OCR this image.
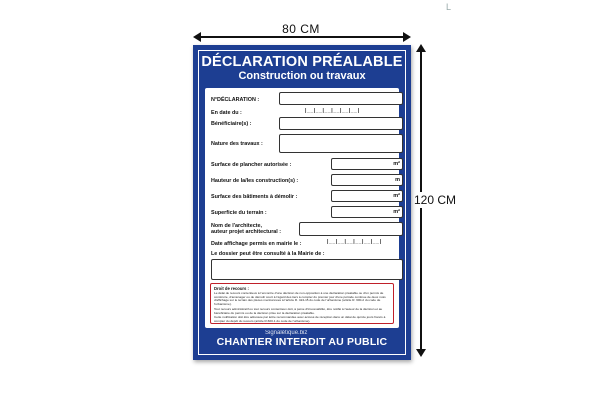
L
80 CM
120 CM
DÉCLARATION PRÉALABLE
Construction ou travaux
N°DÉCLARATION :
En date du :	|__|__|__|__|__|__|
Bénéficiaire(s) :
Nature des travaux :
Surface de plancher autorisée :	m²
Hauteur de la/les construction(s) :	m
Surface des bâtiments à démolir :	m²
Superficie du terrain :	m²
Nom de l'architecte,
auteur projet architectural :
Date affichage permis en mairie le :	|__|__|__|__|__|__|
Le dossier peut être consulté à la Mairie de :
Droit de recours :
Le délai de recours contentieux à l'encontre d'une décision de non-opposition à une déclaration préalable ou d'un permis de construire, d'aménager ou de démolir court à l'égard des tiers à compter du premier jour d'une période continue de deux mois d'affichage sur le terrain des pièces mentionnées à l'article R. 424-15 du code de l'urbanisme (article R. 600-2 du code de l'urbanisme).
Tout recours administratif ou tout recours contentieux doit, à peine d'irrecevabilité, être notifié à l'auteur de la décision et au bénéficiaire du permis ou de la décision prise sur la déclaration préalable.
Cette notification doit être adressée par lettre recommandée avec accusé de réception dans un délai de quinze jours francs à compter du dépôt du recours (article R.600-1 du code de l'urbanisme).
Signalétique.biz
CHANTIER INTERDIT AU PUBLIC
